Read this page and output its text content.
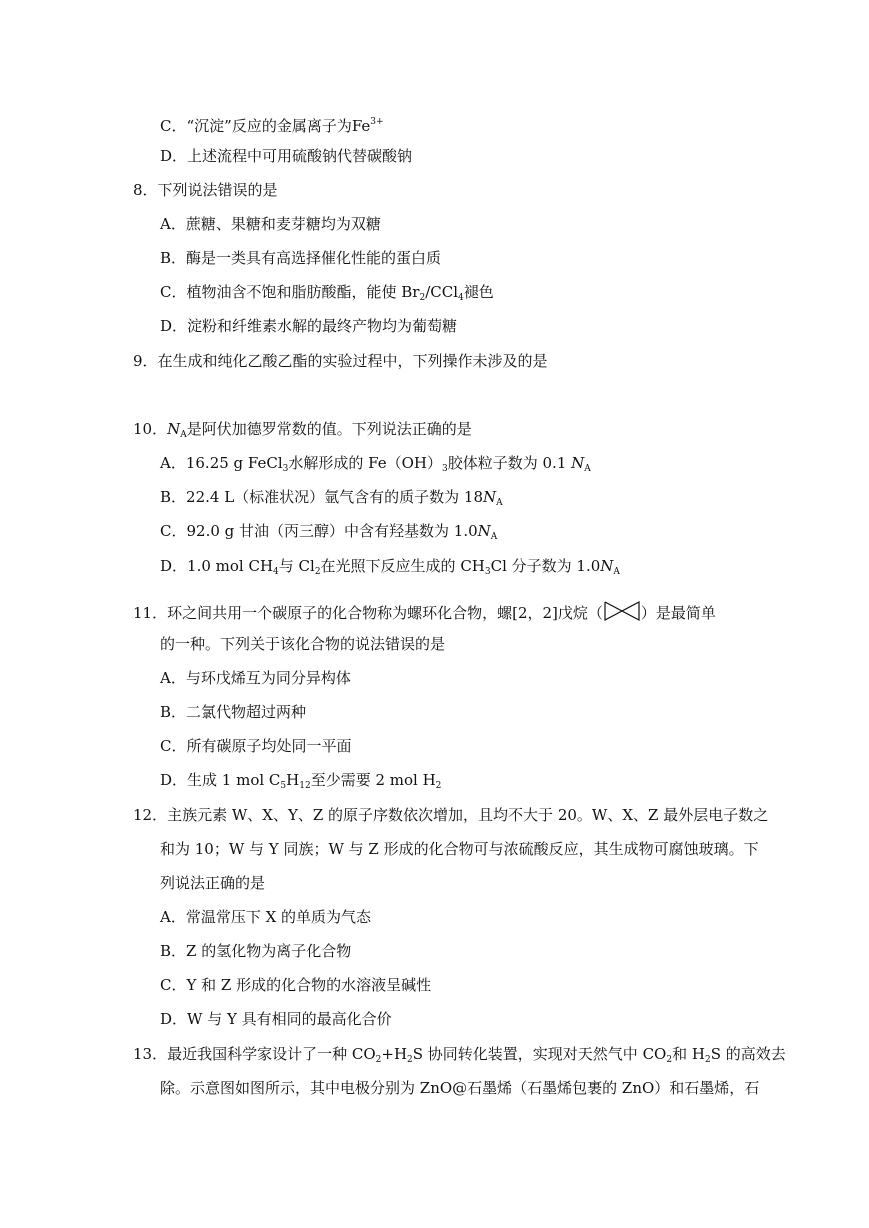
C．“沉淀”反应的金属离子为$Fe^{3+}$
D．上述流程中可用硫酸钠代替碳酸钠
8．下列说法错误的是
A．蔗糖、果糖和麦芽糖均为双糖
B．酶是一类具有高选择催化性能的蛋白质
C．植物油含不饱和脂肪酸酯，能使 $Br_2/CCl_4$褪色
D．淀粉和纤维素水解的最终产物均为葡萄糖
9．在生成和纯化乙酸乙酯的实验过程中，下列操作未涉及的是
10．$N_A$是阿伏加德罗常数的值。下列说法正确的是
A．16.25 g FeCl$_3$水解形成的 $Fe(OH)_3$胶体粒子数为 0.1 $N_A$
B．22.4 L（标准状况）氩气含有的质子数为 $18N_A$
C．92.0 g 甘油（丙三醇）中含有羟基数为 $1.0N_A$
D．1.0 mol $CH_4$与 $Cl_2$在光照下反应生成的 $CH_3Cl$ 分子数为 $1.0N_A$
11．环之间共用一个碳原子的化合物称为螺环化合物，螺[2，2]戊烷（	）是最简单
的一种。下列关于该化合物的说法错误的是
A．与环戊烯互为同分异构体
B．二氯代物超过两种
C．所有碳原子均处同一平面
D．生成 1 mol $C_5H_{12}$至少需要 2 mol $H_2$
12．主族元素 W、X、Y、Z 的原子序数依次增加，且均不大于 20。W、X、Z 最外层电子数之
和为 10；W 与 Y 同族；W 与 Z 形成的化合物可与浓硫酸反应，其生成物可腐蚀玻璃。下
列说法正确的是
A．常温常压下 X 的单质为气态
B．Z 的氢化物为离子化合物
C．Y 和 Z 形成的化合物的水溶液呈碱性
D．W 与 Y 具有相同的最高化合价
13．最近我国科学家设计了一种 $CO_2+H_2S$ 协同转化装置，实现对天然气中 $CO_2$和 $H_2S$ 的高效去
除。示意图如图所示，其中电极分别为 ZnO@石墨烯（石墨烯包裹的 ZnO）和石墨烯，石
